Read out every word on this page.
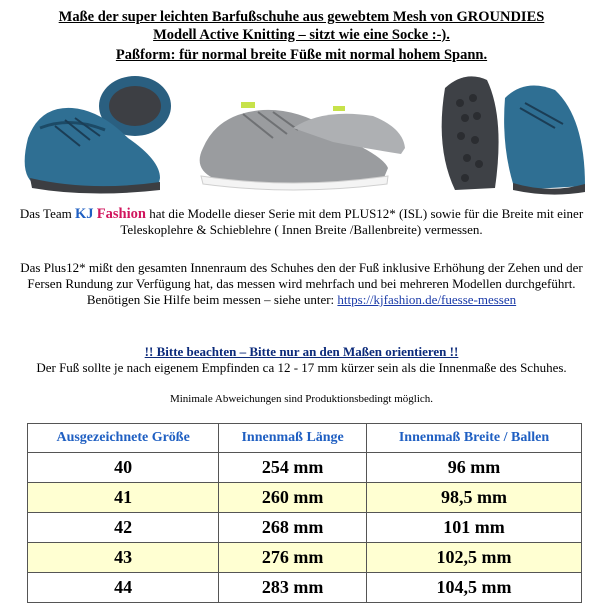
Maße der super leichten Barfußschuhe aus gewebtem Mesh von GROUNDIES
Modell Active Knitting – sitzt wie eine Socke :-).
Paßform: für normal breite Füße mit normal hohem Spann.
Das Team KJ Fashion hat die Modelle dieser Serie mit dem PLUS12* (ISL) sowie für die Breite mit einer Teleskoplehre & Schieblehre ( Innen Breite /Ballenbreite) vermessen.
Das Plus12* mißt den gesamten Innenraum des Schuhes den der Fuß inklusive Erhöhung der Zehen und der Fersen Rundung zur Verfügung hat, das messen wird mehrfach und bei mehreren Modellen durchgeführt.
Benötigen Sie Hilfe beim messen – siehe unter: https://kjfashion.de/fuesse-messen
!! Bitte beachten – Bitte nur an den Maßen orientieren !!
Der Fuß sollte je nach eigenem Empfinden ca 12 - 17 mm kürzer sein als die Innenmaße des Schuhes.
Minimale Abweichungen sind Produktionsbedingt möglich.
Ausgezeichnete Größe	Innenmaß Länge	Innenmaß Breite / Ballen
40	254 mm	96 mm
41	260 mm	98,5 mm
42	268 mm	101 mm
43	276 mm	102,5 mm
44	283 mm	104,5 mm
